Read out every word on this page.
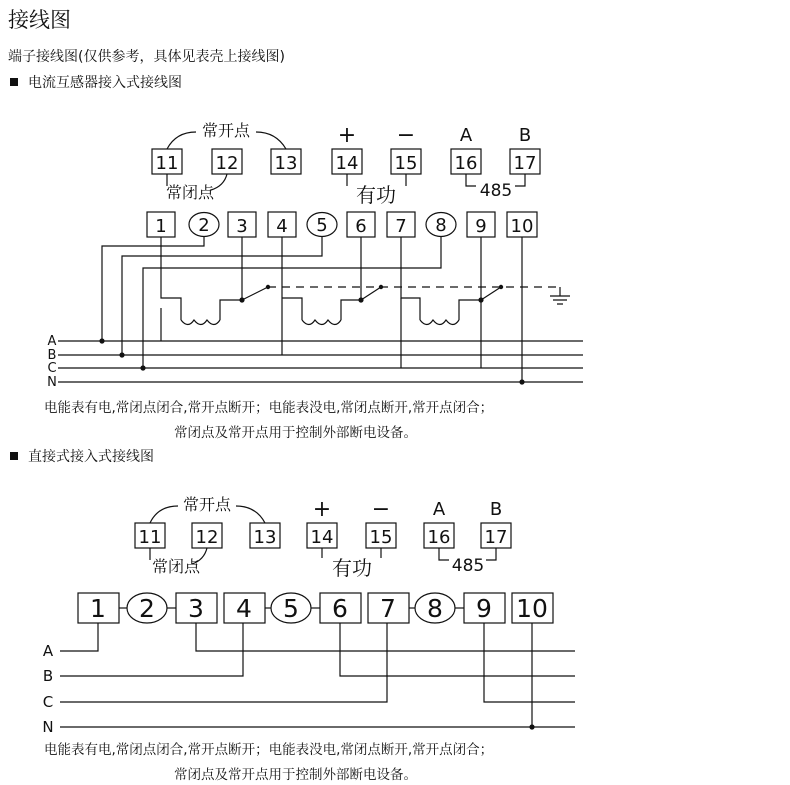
接线图
端子接线图(仅供参考，具体见表壳上接线图)
电流互感器接入式接线图
11 12 13 14 15 16 17
1 2 3 4 5 6 7 8 9 10
常开点
常闭点	有功	485
+ − A	B
A
B
C
N
11 12 13 14 15 16 17
1 2 3 4 5 6 7 8 9 10
常开点
常闭点	有功	485
+ − A B
A
B
C
N
电能表有电,常闭点闭合,常开点断开；电能表没电,常闭点断开,常开点闭合；
常闭点及常开点用于控制外部断电设备。
直接式接入式接线图
电能表有电,常闭点闭合,常开点断开；电能表没电,常闭点断开,常开点闭合；
常闭点及常开点用于控制外部断电设备。
